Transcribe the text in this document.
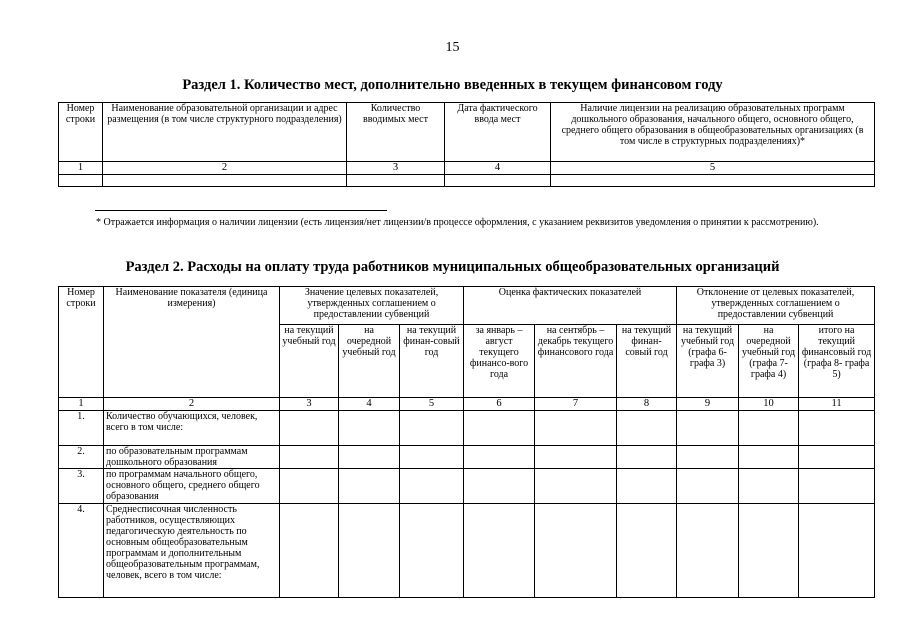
15
Раздел 1. Количество мест, дополнительно введенных в текущем финансовом году
Номер строки	Наименование образовательной организации и адрес размещения (в том числе структурного подразделения)	Количество вводимых мест	Дата фактического ввода мест	Наличие лицензии на реализацию образовательных программ дошкольного образования, начального общего, основного общего, среднего общего образования в общеобразовательных организациях (в том числе в структурных подразделениях)*
1	2	3	4	5

* Отражается информация о наличии лицензии (есть лицензия/нет лицензии/в процессе оформления, с указанием реквизитов уведомления о принятии к рассмотрению).
Раздел 2. Расходы на оплату труда работников муниципальных общеобразовательных организаций
Номер строки	Наименование показателя (единица измерения)	Значение целевых показателей, утвержденных соглашением о предоставлении субвенций			Оценка фактических показателей			Отклонение от целевых показателей, утвержденных соглашением о предоставлении субвенций		
		на текущий учебный год	на очередной учебный год	на текущий финан-совый год	за январь – август текущего финансо-вого года	на сентябрь – декабрь текущего финансового года	на текущий финан-совый год	на текущий учебный год (графа 6- графа 3)	на очередной учебный год (графа 7- графа 4)	итого на текущий финансовый год (графа 8- графа 5)
1	2	3	4	5	6	7	8	9	10	11
1.	Количество обучающихся, человек, всего в том числе:									
2.	по образовательным программам дошкольного образования									
3.	по программам начального общего, основного общего, среднего общего образования									
4.	Среднесписочная численность работников, осуществляющих педагогическую деятельность по основным общеобразовательным программам и дополнительным общеобразовательным программам, человек, всего в том числе:									
